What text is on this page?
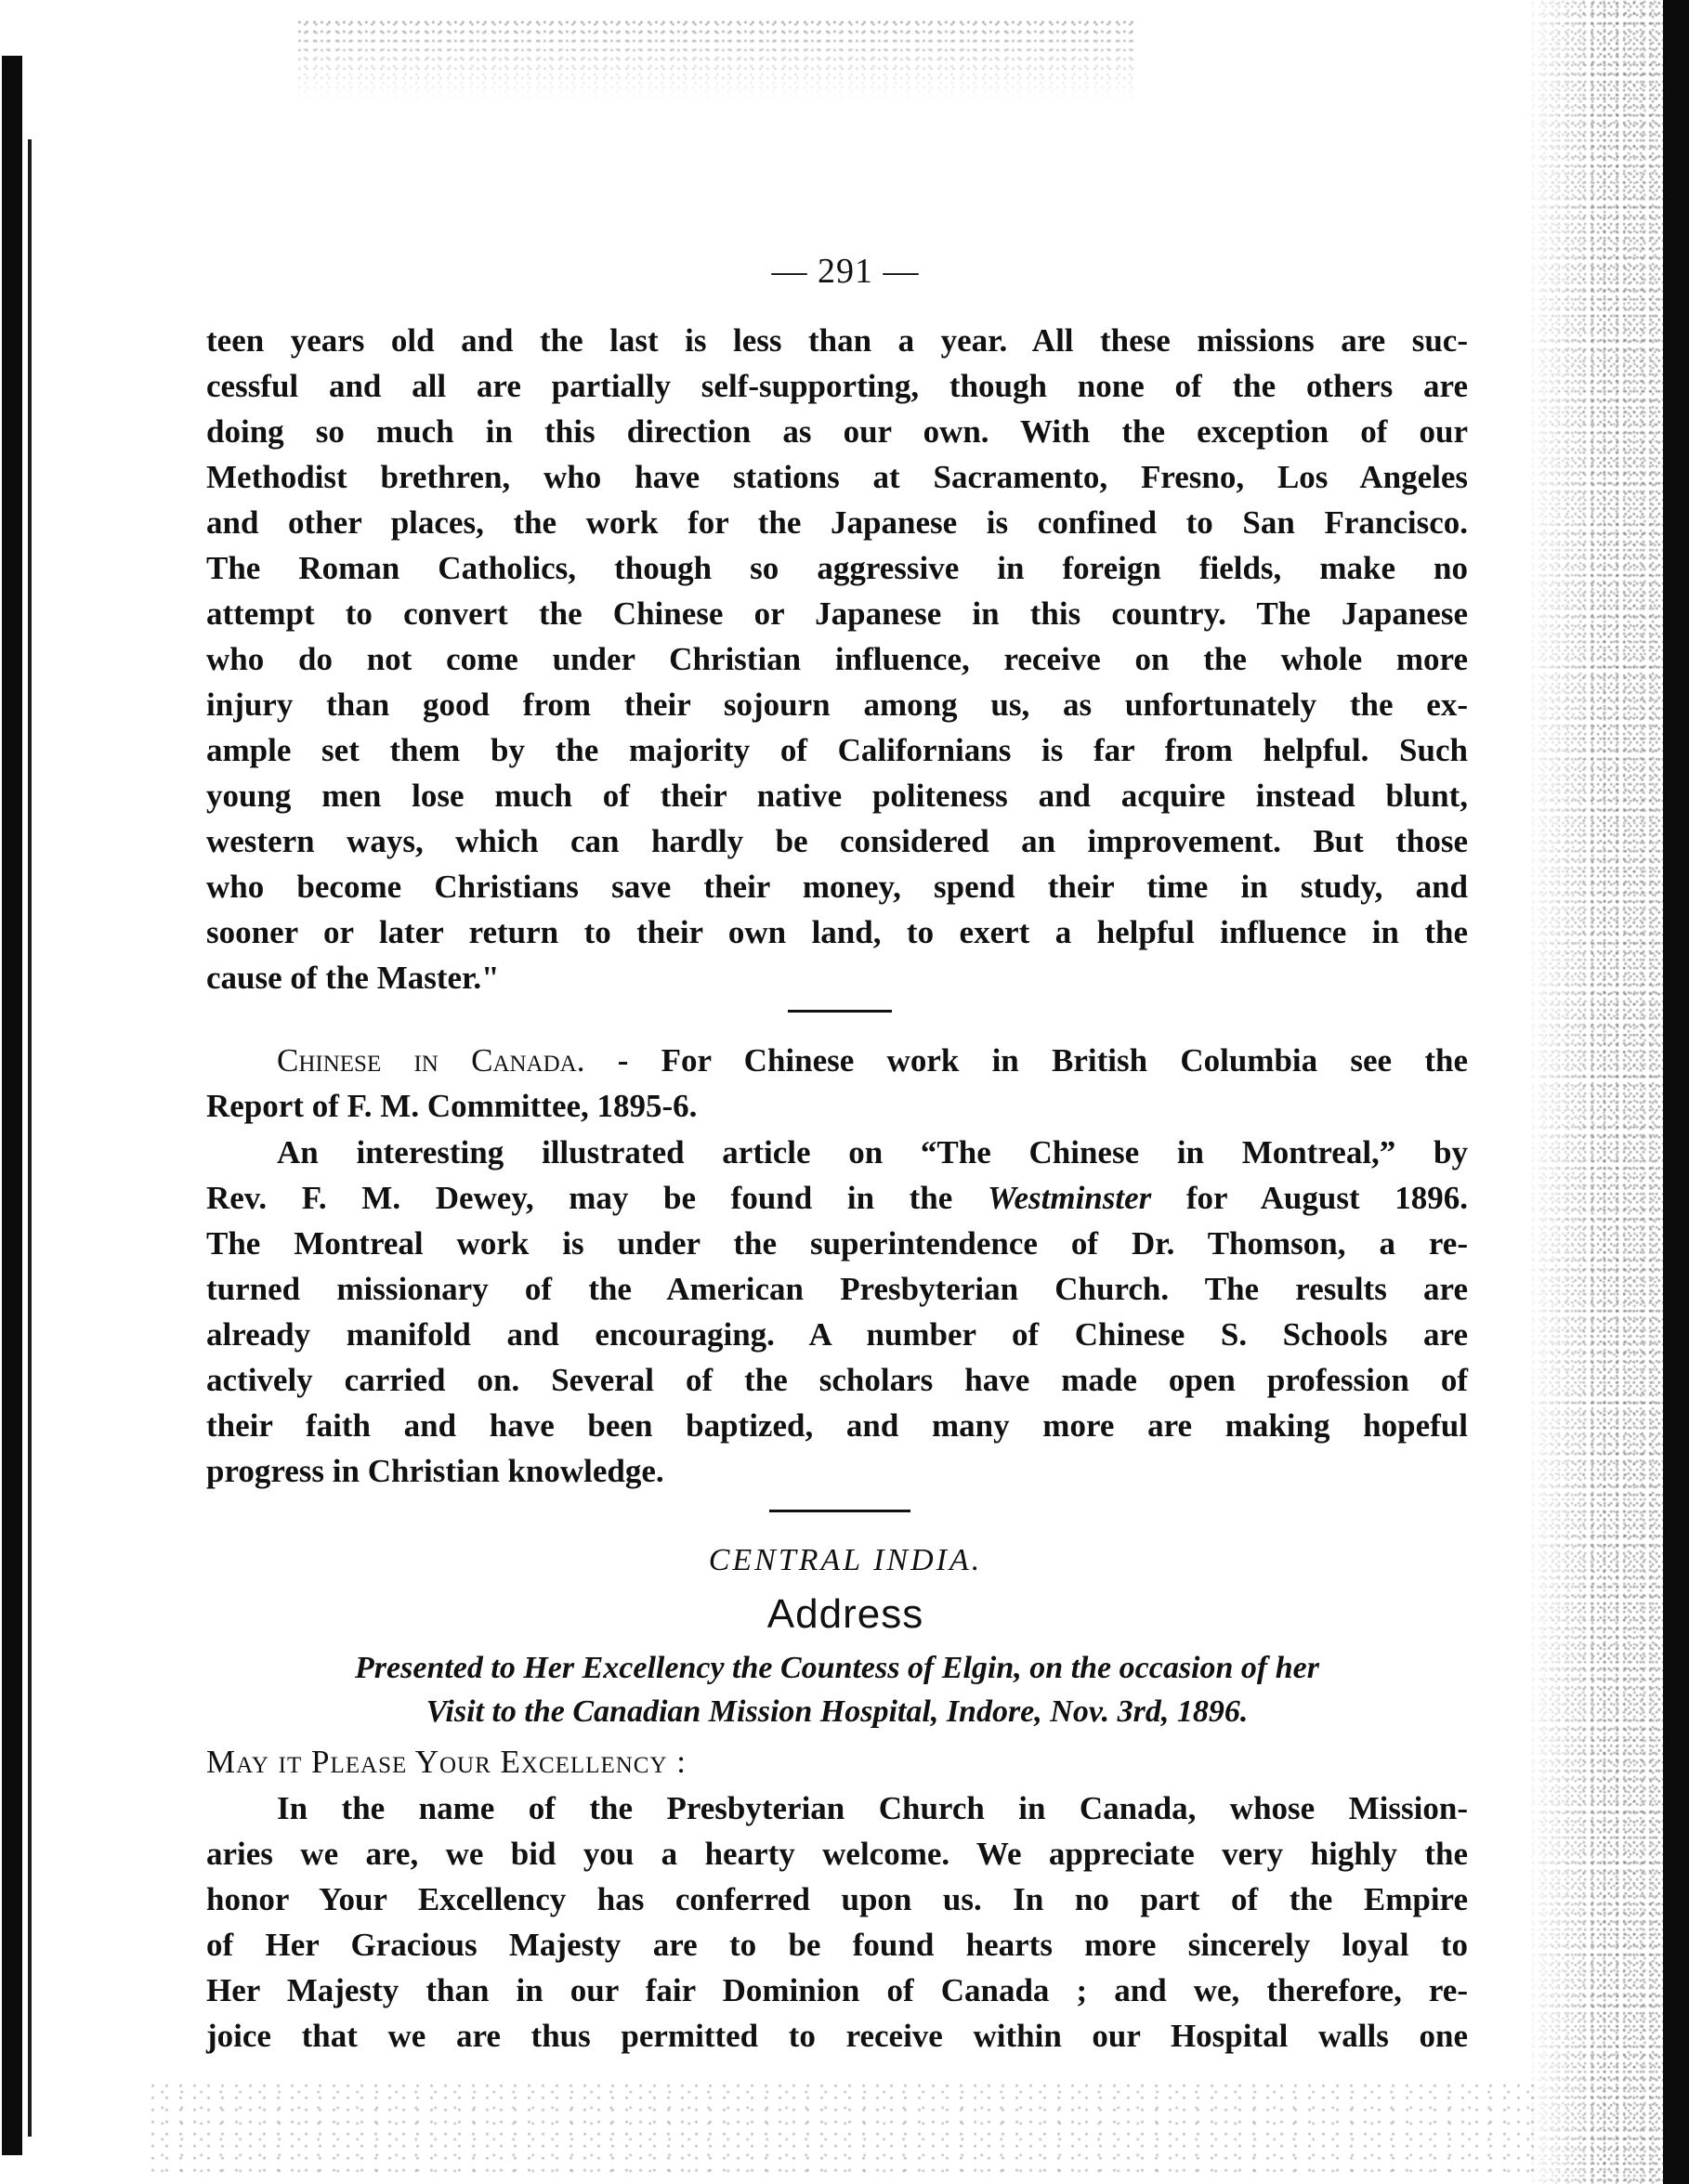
— 291 —
teen years old and the last is less than a year. All these missions are suc-
cessful and all are partially self-supporting, though none of the others are
doing so much in this direction as our own. With the exception of our
Methodist brethren, who have stations at Sacramento, Fresno, Los Angeles
and other places, the work for the Japanese is confined to San Francisco.
The Roman Catholics, though so aggressive in foreign fields, make no
attempt to convert the Chinese or Japanese in this country. The Japanese
who do not come under Christian influence, receive on the whole more
injury than good from their sojourn among us, as unfortunately the ex-
ample set them by the majority of Californians is far from helpful. Such
young men lose much of their native politeness and acquire instead blunt,
western ways, which can hardly be considered an improvement. But those
who become Christians save their money, spend their time in study, and
sooner or later return to their own land, to exert a helpful influence in the
cause of the Master."
Chinese in Canada. - For Chinese work in British Columbia see the
Report of F. M. Committee, 1895-6.
An interesting illustrated article on “The Chinese in Montreal,” by
Rev. F. M. Dewey, may be found in the Westminster for August 1896.
The Montreal work is under the superintendence of Dr. Thomson, a re-
turned missionary of the American Presbyterian Church. The results are
already manifold and encouraging. A number of Chinese S. Schools are
actively carried on. Several of the scholars have made open profession of
their faith and have been baptized, and many more are making hopeful
progress in Christian knowledge.
CENTRAL INDIA.
Address
Presented to Her Excellency the Countess of Elgin, on the occasion of her
Visit to the Canadian Mission Hospital, Indore, Nov. 3rd, 1896.
May it Please Your Excellency :
In the name of the Presbyterian Church in Canada, whose Mission-
aries we are, we bid you a hearty welcome. We appreciate very highly the
honor Your Excellency has conferred upon us. In no part of the Empire
of Her Gracious Majesty are to be found hearts more sincerely loyal to
Her Majesty than in our fair Dominion of Canada ; and we, therefore, re-
joice that we are thus permitted to receive within our Hospital walls one
